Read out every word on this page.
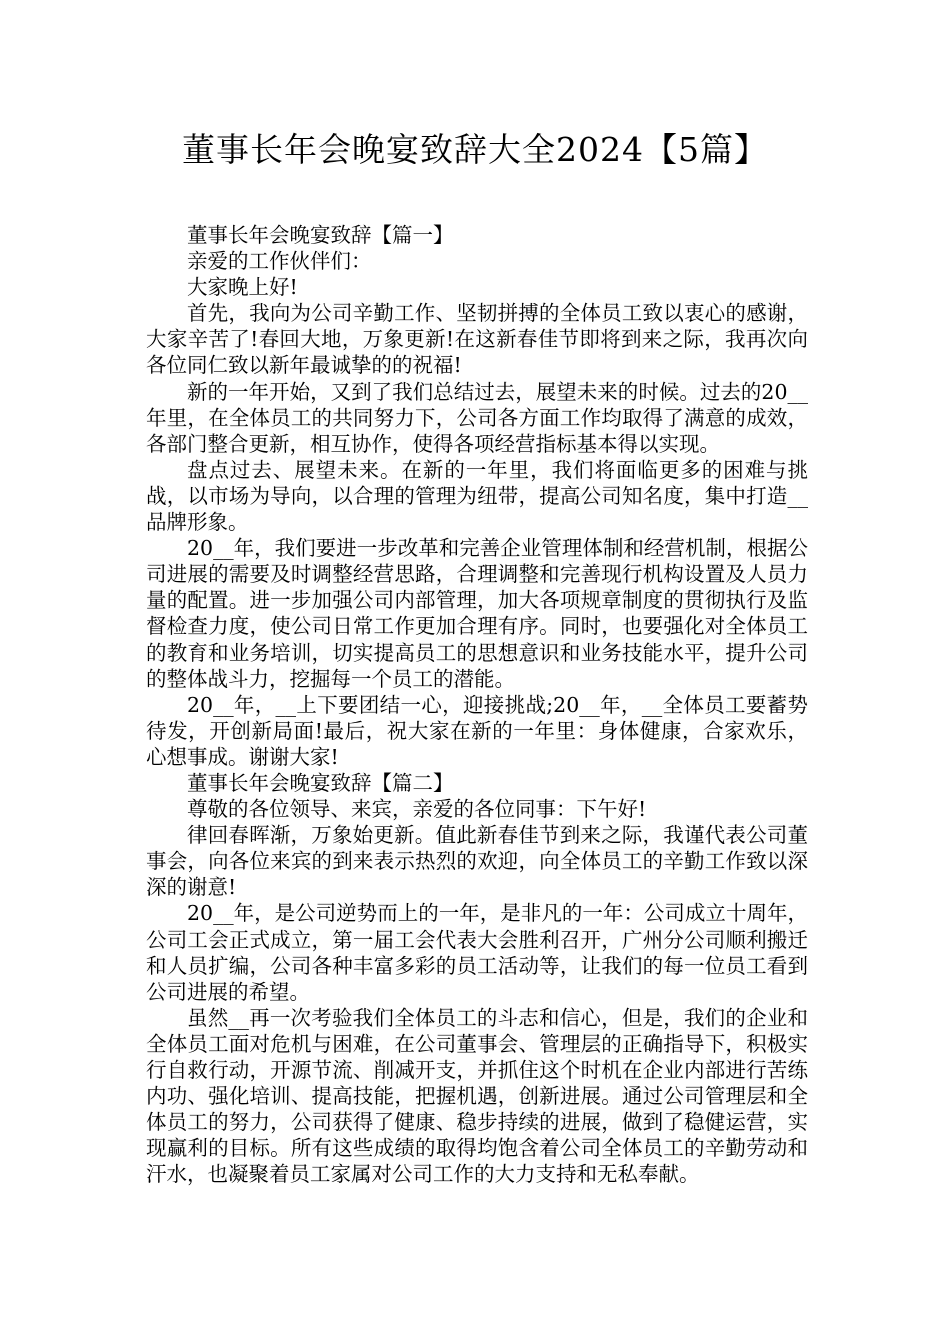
董事长年会晚宴致辞大全2024【5篇】

董事长年会晚宴致辞【篇一】

亲爱的工作伙伴们：

大家晚上好!

首先，我向为公司辛勤工作、坚韧拼搏的全体员工致以衷心的感谢，大家辛苦了!春回大地，万象更新!在这新春佳节即将到来之际，我再次向各位同仁致以新年最诚挚的的祝福!

新的一年开始，又到了我们总结过去，展望未来的时候。过去的20__年里，在全体员工的共同努力下，公司各方面工作均取得了满意的成效，各部门整合更新，相互协作，使得各项经营指标基本得以实现。

盘点过去、展望未来。在新的一年里，我们将面临更多的困难与挑战，以市场为导向，以合理的管理为纽带，提高公司知名度，集中打造__品牌形象。

20__年，我们要进一步改革和完善企业管理体制和经营机制，根据公司进展的需要及时调整经营思路，合理调整和完善现行机构设置及人员力量的配置。进一步加强公司内部管理，加大各项规章制度的贯彻执行及监督检查力度，使公司日常工作更加合理有序。同时，也要强化对全体员工的教育和业务培训，切实提高员工的思想意识和业务技能水平，提升公司的整体战斗力，挖掘每一个员工的潜能。

20__年，__上下要团结一心，迎接挑战;20__年，__全体员工要蓄势待发，开创新局面!最后，祝大家在新的一年里：身体健康，合家欢乐，心想事成。谢谢大家!

董事长年会晚宴致辞【篇二】

尊敬的各位领导、来宾，亲爱的各位同事：下午好!

律回春晖渐，万象始更新。值此新春佳节到来之际，我谨代表公司董事会，向各位来宾的到来表示热烈的欢迎，向全体员工的辛勤工作致以深深的谢意!

20__年，是公司逆势而上的一年，是非凡的一年：公司成立十周年，公司工会正式成立，第一届工会代表大会胜利召开，广州分公司顺利搬迁和人员扩编，公司各种丰富多彩的员工活动等，让我们的每一位员工看到公司进展的希望。

虽然__再一次考验我们全体员工的斗志和信心，但是，我们的企业和全体员工面对危机与困难，在公司董事会、管理层的正确指导下，积极实行自救行动，开源节流、削减开支，并抓住这个时机在企业内部进行苦练内功、强化培训、提高技能，把握机遇，创新进展。通过公司管理层和全体员工的努力，公司获得了健康、稳步持续的进展，做到了稳健运营，实现赢利的目标。所有这些成绩的取得均饱含着公司全体员工的辛勤劳动和汗水，也凝聚着员工家属对公司工作的大力支持和无私奉献。
